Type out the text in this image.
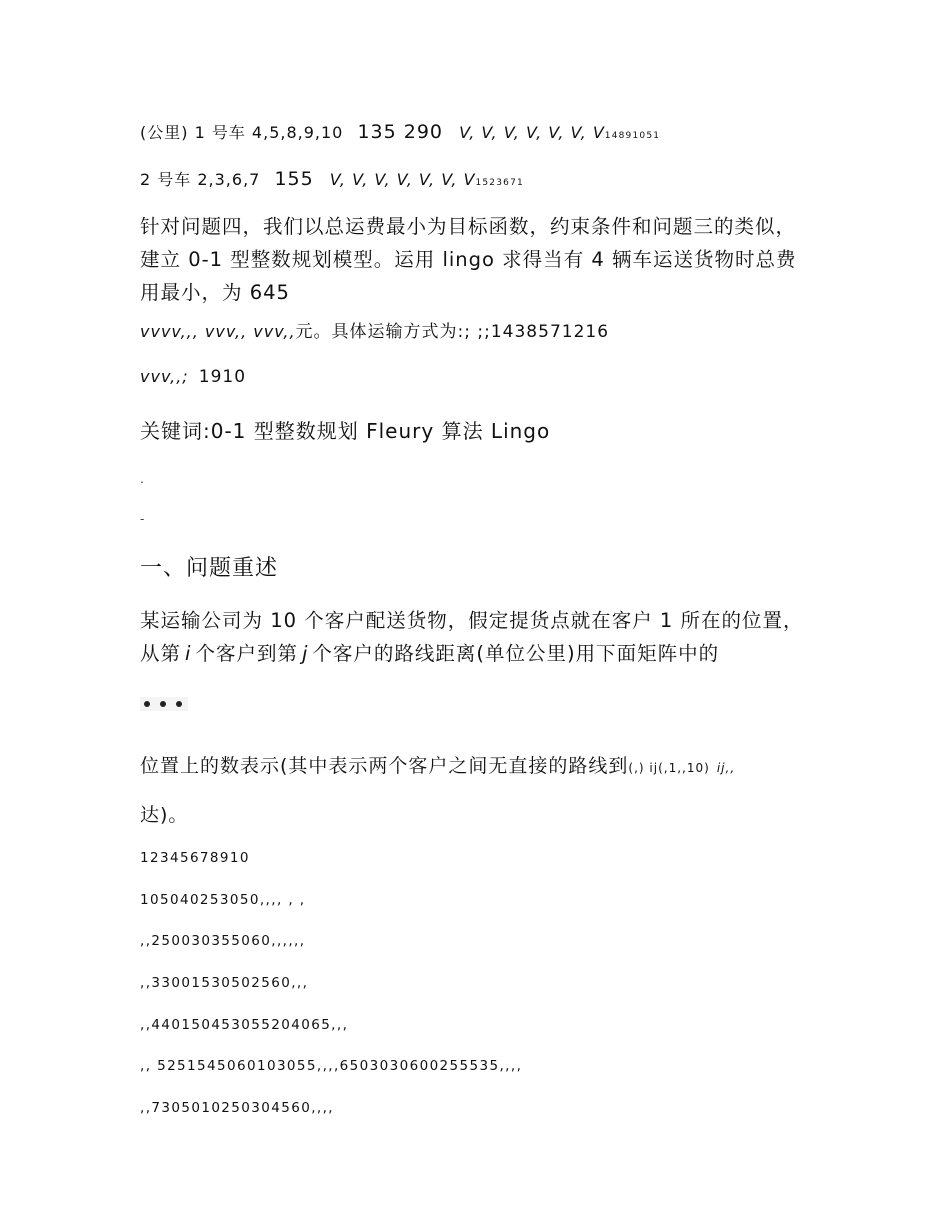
(公里) 1 号车 4,5,8,9,10 135 290 V, V, V, V, V, V, V14891051
2 号车 2,3,6,7 155 V, V, V, V, V, V, V1523671
针对问题四，我们以总运费最小为目标函数，约束条件和问题三的类似，
建立 0-1 型整数规划模型。运用 lingo 求得当有 4 辆车运送货物时总费
用最小，为 645
vvvv,,, vvv,, vvv,,元。具体运输方式为:; ;;1438571216
vvv,,; 1910
关键词:0-1 型整数规划 Fleury 算法 Lingo
.
-
一、问题重述
某运输公司为 10 个客户配送货物，假定提货点就在客户 1 所在的位置，
从第 i 个客户到第 j 个客户的路线距离(单位公里)用下面矩阵中的
位置上的数表示(其中表示两个客户之间无直接的路线到(,) ij(,1,,10) ij,,
达)。
12345678910
105040253050,,,, , ,
,,250030355060,,,,,,
,,33001530502560,,,
,,440150453055204065,,,
,, 5251545060103055,,,,6503030600255535,,,,
,,7305010250304560,,,,
